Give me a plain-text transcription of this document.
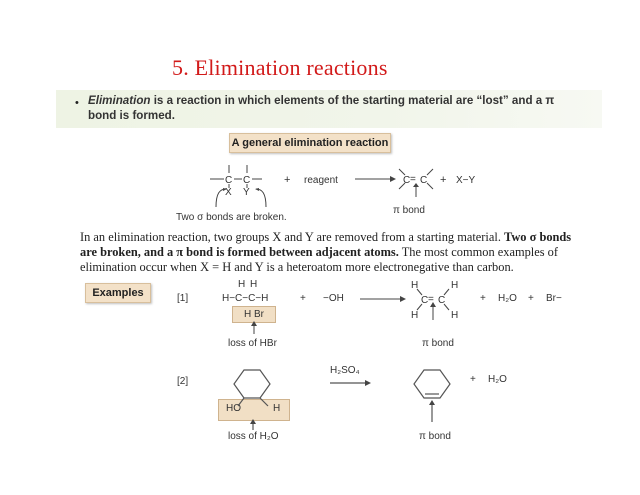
5. Elimination reactions
• Elimination is a reaction in which elements of the starting material are “lost” and a π
bond is formed.
A general elimination reaction
C C
X Y
+ reagent	C = C + X−Y
Two σ bonds are broken.
π bond
In an elimination reaction, two groups X and Y are removed from a starting material. Two σ bonds
are broken, and a π bond is formed between adjacent atoms. The most common examples of
elimination occur when X = H and Y is a heteroatom more electronegative than carbon.
Examples	[1]
H H
H−C−C−H
H Br
+ −OH	C = C
H	H
H	H
+ H₂O + Br−
loss of HBr	π bond
[2]
HO	H
H₂SO₄
+ H₂O
loss of H₂O	π bond
